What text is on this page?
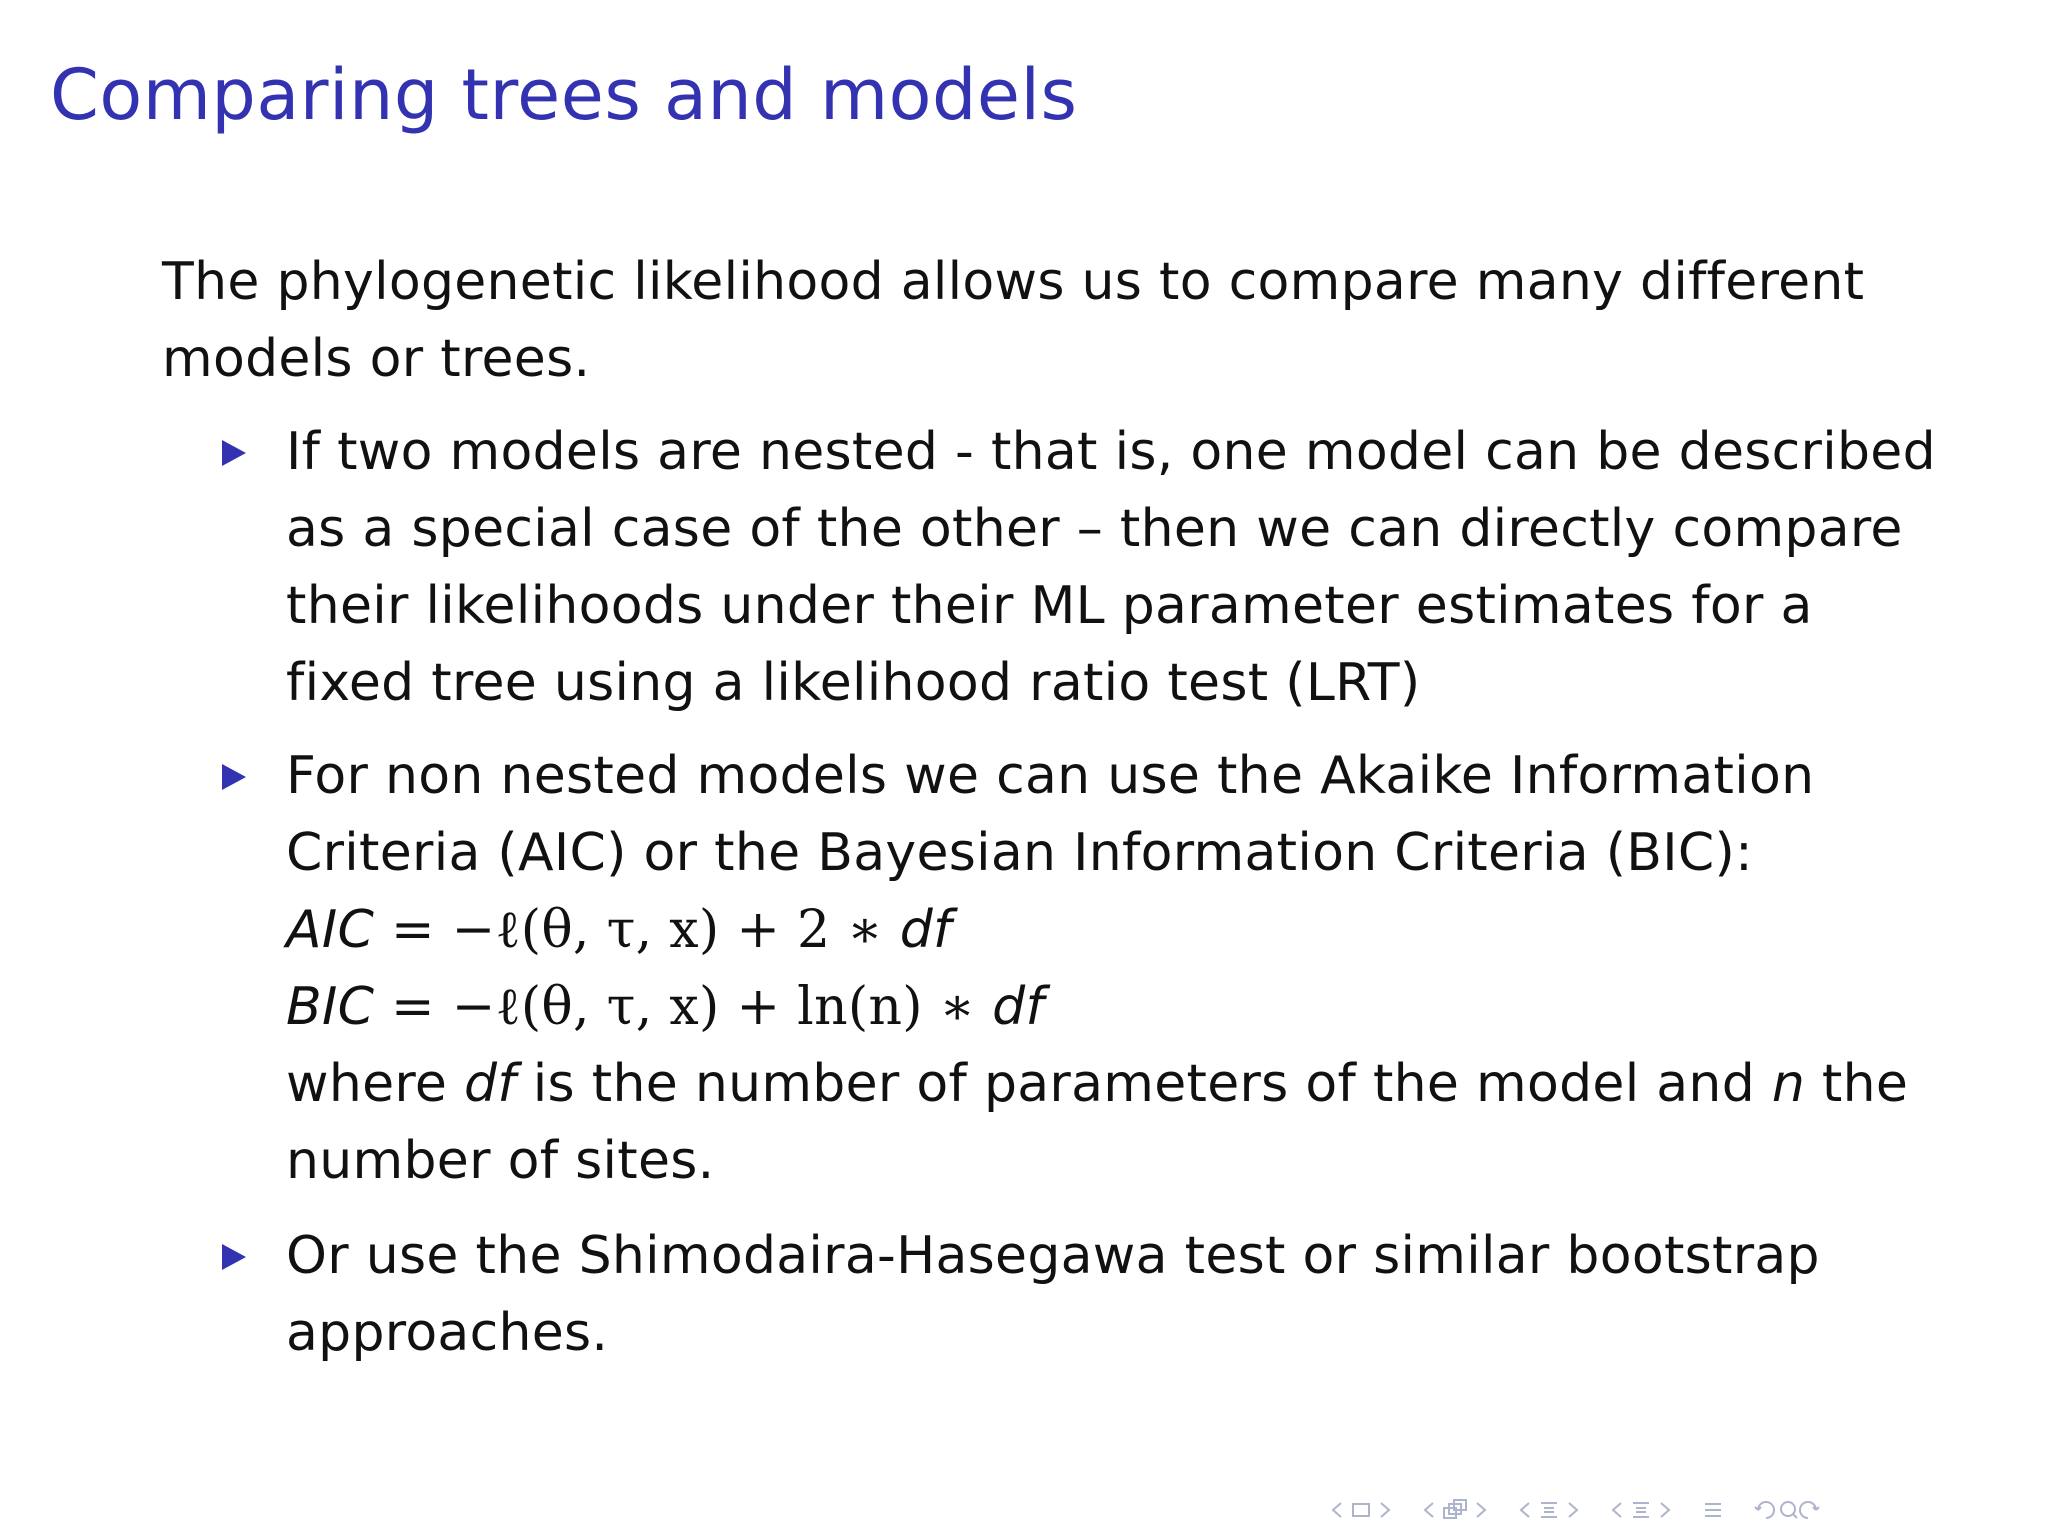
Comparing trees and models
The phylogenetic likelihood allows us to compare many different
models or trees.
If two models are nested - that is, one model can be described
as a special case of the other – then we can directly compare
their likelihoods under their ML parameter estimates for a
fixed tree using a likelihood ratio test (LRT)
For non nested models we can use the Akaike Information
Criteria (AIC) or the Bayesian Information Criteria (BIC):
AIC = −ℓ(θ, τ, x) + 2 ∗ df
BIC = −ℓ(θ, τ, x) + ln(n) ∗ df
where df is the number of parameters of the model and n the
number of sites.
Or use the Shimodaira-Hasegawa test or similar bootstrap
approaches.
